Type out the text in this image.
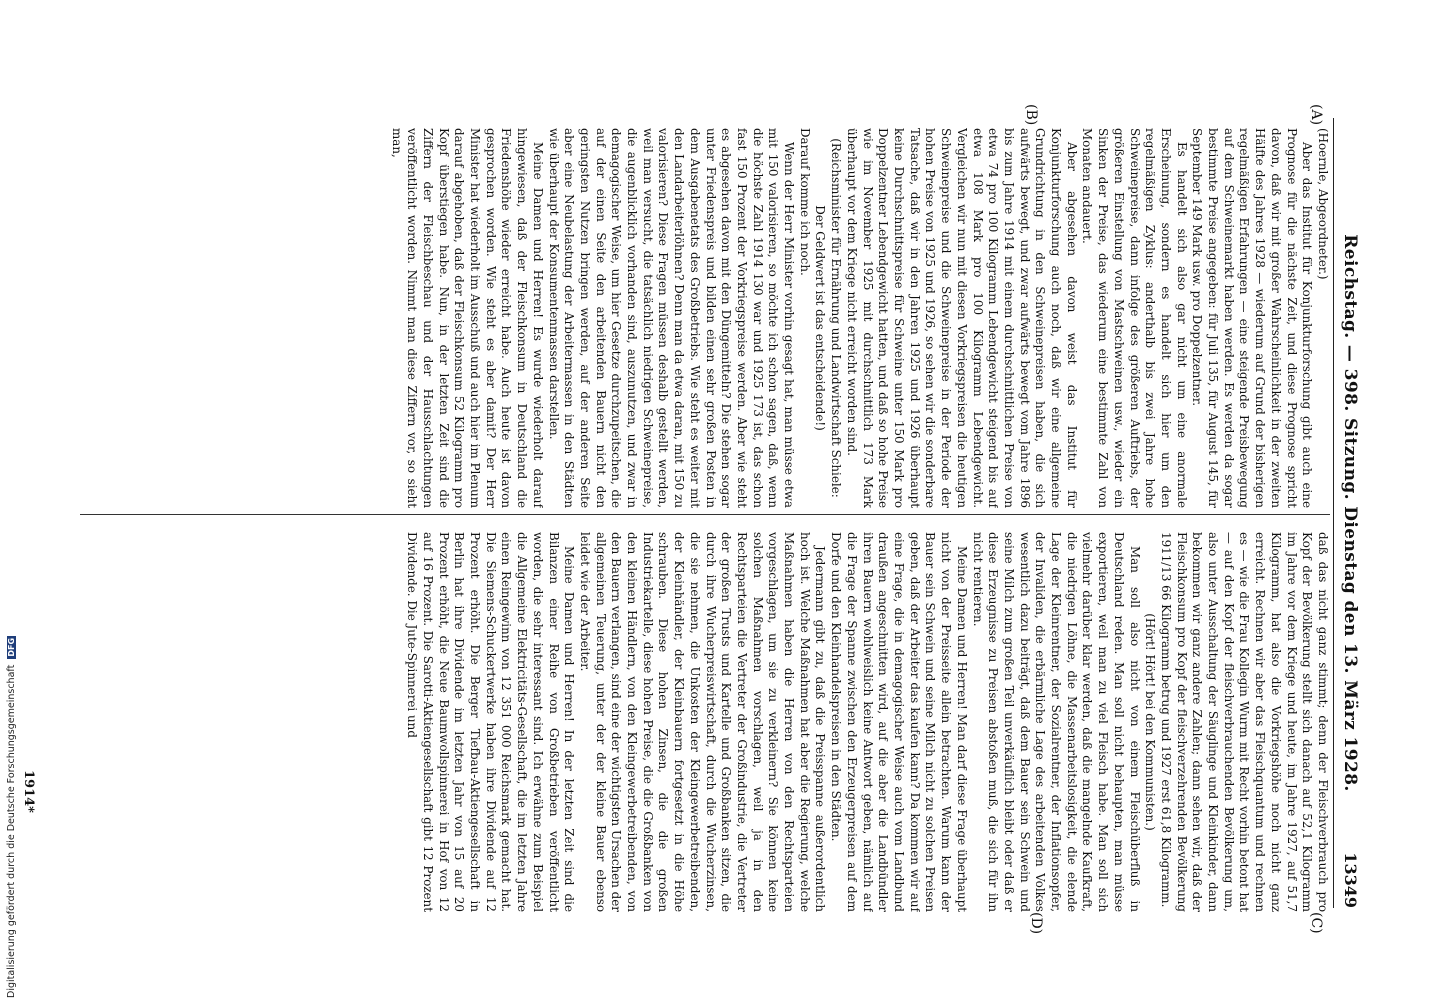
Reichstag. — 398. Sitzung. Dienstag den 13. März 1928.
13349
(A)
(B)
(C)
(D)

(Hoernle, Abgeordneter.)

Aber das Institut für Konjunkturforschung gibt auch eine Prognose für die nächste Zeit, und diese Prognose spricht davon, daß wir mit großer Wahrscheinlichkeit in der zweiten Hälfte des Jahres 1928 — wiederum auf Grund der bisherigen regelmäßigen Erfahrungen — eine steigende Preisbewegung auf dem Schweinemarkt haben werden. Es werden da sogar bestimmte Preise angegeben: für Juli 135, für August 145, für September 149 Mark usw. pro Doppelzentner.

Es handelt sich also gar nicht um eine anormale Erscheinung, sondern es handelt sich hier um den regelmäßigen Zyklus: anderthalb bis zwei Jahre hohe Schweinepreise, dann infolge des größeren Auftriebs, der größeren Einstellung von Mastschweinen usw., wieder ein Sinken der Preise, das wiederum eine bestimmte Zahl von Monaten andauert.

Aber abgesehen davon weist das Institut für Konjunkturforschung auch noch, daß wir eine allgemeine Grundrichtung in den Schweinepreisen haben, die sich aufwärts bewegt, und zwar aufwärts bewegt vom Jahre 1896 bis zum Jahre 1914 mit einem durchschnittlichen Preise von etwa 74 pro 100 Kilogramm Lebendgewicht steigend bis auf etwa 108 Mark pro 100 Kilogramm Lebendgewicht. Vergleichen wir nun mit diesen Vorkriegspreisen die heutigen Schweinepreise und die Schweinepreise in der Periode der hohen Preise von 1925 und 1926, so sehen wir die sonderbare Tatsache, daß wir in den Jahren 1925 und 1926 überhaupt keine Durchschnittspreise für Schweine unter 150 Mark pro Doppelzentner Lebendgewicht hatten, und daß so hohe Preise wie im November 1925 mit durchschnittlich 173 Mark überhaupt vor dem Kriege nicht erreicht worden sind.

(Reichsminister für Ernährung und Landwirtschaft Schiele: Der Geldwert ist das entscheidende!)

Darauf komme ich noch.

Wenn der Herr Minister vorhin gesagt hat, man müsse etwa mit 150 valorisieren, so möchte ich schon sagen, daß, wenn die höchste Zahl 1914 130 war und 1925 173 ist, das schon fast 150 Prozent der Vorkriegspreise werden. Aber wie steht es abgesehen davon mit den Düngemitteln? Die stehen sogar unter Friedenspreis und bilden einen sehr großen Posten in dem Ausgabenetats des Großbetriebs. Wie steht es weiter mit den Landarbeiterlöhnen? Denn man da etwa daran, mit 150 zu valorisieren? Diese Fragen müssen deshalb gestellt werden, weil man versucht, die tatsächlich niedrigen Schweinepreise, die augenblicklich vorhanden sind, auszunutzen, und zwar in demagogischer Weise, um hier Gesetze durchzupeitschen, die auf der einen Seite den arbeitenden Bauern nicht den geringsten Nutzen bringen werden, auf der anderen Seite aber eine Neubelastung der Arbeitermassen in den Städten wie überhaupt der Konsumentenmassen darstellen.

Meine Damen und Herren! Es wurde wiederholt darauf hingewiesen, daß der Fleischkonsum in Deutschland die Friedenshöhe wieder erreicht habe. Auch heute ist davon gesprochen worden. Wie steht es aber damit? Der Herr Minister hat wiederholt im Ausschuß und auch hier im Plenum darauf abgehoben, daß der Fleischkonsum 52 Kilogramm pro Kopf überstiegen habe. Nun, in der letzten Zeit sind die Ziffern der Fleischbeschau und der Hausschlachtungen veröffentlicht worden. Nimmt man diese Ziffern vor, so sieht man,

daß das nicht ganz stimmt; denn der Fleischverbrauch pro Kopf der Bevölkerung stellt sich danach auf 52,1 Kilogramm im Jahre vor dem Kriege und heute, im Jahre 1927, auf 51,7 Kilogramm, hat also die Vorkriegshöhe noch nicht ganz erreicht. Rechnen wir aber das Fleischquantum und rechnen es — wie die Frau Kollegin Wurm mit Recht vorhin betont hat — auf den Kopf der fleischverbrauchenden Bevölkerung um, also unter Ausschaltung der Säuglinge und Kleinkinder, dann bekommen wir ganz andere Zahlen; dann sehen wir, daß der Fleischkonsum pro Kopf der fleischverzehrenden Bevölkerung 1911/13 66 Kilogramm betrug und 1927 erst 61,8 Kilogramm.

(Hört! Hört! bei den Kommunisten.)

Man soll also nicht von einem Fleischüberfluß in Deutschland reden. Man soll nicht behaupten, man müsse exportieren, weil man zu viel Fleisch habe. Man soll sich vielmehr darüber klar werden, daß die mangelnde Kaufkraft, die niedrigen Löhne, die Massenarbeitslosigkeit, die elende Lage der Kleinrentner, der Sozialrentner, der Inflationsopfer, der Invaliden, die erbärmliche Lage des arbeitenden Volkes wesentlich dazu beiträgt, daß dem Bauer sein Schwein und seine Milch zum großen Teil unverkäuflich bleibt oder daß er diese Erzeugnisse zu Preisen abstoßen muß, die sich für ihn nicht rentieren.

Meine Damen und Herren! Man darf diese Frage überhaupt nicht von der Preisseite allein betrachten. Warum kann der Bauer sein Schwein und seine Milch nicht zu solchen Preisen geben, daß der Arbeiter das kaufen kann? Da kommen wir auf eine Frage, die in demagogischer Weise auch vom Landbund draußen angeschnitten wird, auf die aber die Landbündler ihren Bauern wohlweislich keine Antwort geben, nämlich auf die Frage der Spanne zwischen den Erzeugerpreisen auf dem Dorfe und den Kleinhandelspreisen in den Städten.

Jedermann gibt zu, daß die Preisspanne außerordentlich hoch ist. Welche Maßnahmen hat aber die Regierung, welche Maßnahmen haben die Herren von den Rechtsparteien vorgeschlagen, um sie zu verkleinern? Sie können keine solchen Maßnahmen vorschlagen, weil ja in den Rechtsparteien die Vertreter der Großindustrie, die Vertreter der großen Trusts und Kartelle und Großbanken sitzen, die durch ihre Wucherpreiswirtschaft, durch die Wucherzinsen, die sie nehmen, die Unkosten der Kleingewerbetreibenden, der Kleinhändler, der Kleinbauern fortgesetzt in die Höhe schrauben. Diese hohen Zinsen, die die großen Industriekartelle, diese hohen Preise, die die Großbanken von den kleinen Händlern, von den Kleingewerbetreibenden, von den Bauern verlangen, sind eine der wichtigsten Ursachen der allgemeinen Teuerung, unter der der kleine Bauer ebenso leidet wie der Arbeiter.

Meine Damen und Herren! In der letzten Zeit sind die Bilanzen einer Reihe von Großbetrieben veröffentlicht worden, die sehr interessant sind. Ich erwähne zum Beispiel die Allgemeine Elektricitäts-Gesellschaft, die im letzten Jahre einen Reingewinn von 12 351 000 Reichsmark gemacht hat. Die Siemens-Schuckertwerke haben ihre Dividende auf 12 Prozent erhöht. Die Berger Tiefbau-Aktiengesellschaft in Berlin hat ihre Dividende im letzten Jahr von 15 auf 20 Prozent erhöht, die Neue Baumwollspinnerei in Hof von 12 auf 16 Prozent. Die Sarotti-Aktiengesellschaft gibt 12 Prozent Dividende. Die Jute-Spinnerei und

1914*
Digitalisierung gefördert durch die Deutsche Forschungsgemeinschaft DFG
